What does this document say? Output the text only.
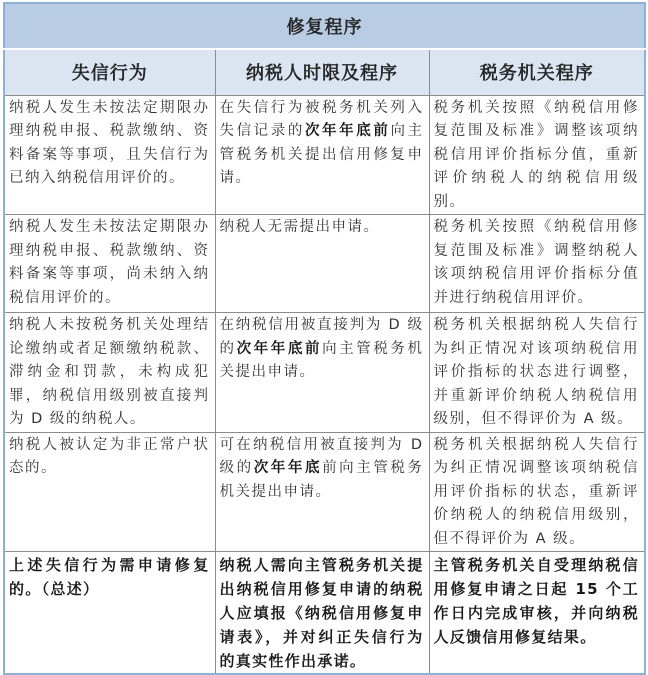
修复程序		
失信行为	纳税人时限及程序	税务机关程序
纳税人发生未按法定期限办理纳税申报、税款缴纳、资料备案等事项，且失信行为已纳入纳税信用评价的。	在失信行为被税务机关列入失信记录的次年年底前向主管税务机关提出信用修复申请。	税务机关按照《纳税信用修复范围及标准》调整该项纳税信用评价指标分值，重新评价纳税人的纳税信用级别。
纳税人发生未按法定期限办理纳税申报、税款缴纳、资料备案等事项，尚未纳入纳税信用评价的。	纳税人无需提出申请。	税务机关按照《纳税信用修复范围及标准》调整纳税人该项纳税信用评价指标分值并进行纳税信用评价。
纳税人未按税务机关处理结论缴纳或者足额缴纳税款、滞纳金和罚款，未构成犯罪，纳税信用级别被直接判为 D 级的纳税人。	在纳税信用被直接判为 D 级的次年年底前向主管税务机关提出申请。	税务机关根据纳税人失信行为纠正情况对该项纳税信用评价指标的状态进行调整，并重新评价纳税人纳税信用级别，但不得评价为 A 级。
纳税人被认定为非正常户状态的。	可在纳税信用被直接判为 D 级的次年年底前向主管税务机关提出申请。	税务机关根据纳税人失信行为纠正情况调整该项纳税信用评价指标的状态，重新评价纳税人的纳税信用级别，但不得评价为 A 级。
上述失信行为需申请修复的。（总述）	纳税人需向主管税务机关提出纳税信用修复申请的纳税人应填报《纳税信用修复申请表》，并对纠正失信行为的真实性作出承诺。	主管税务机关自受理纳税信用修复申请之日起 15 个工作日内完成审核，并向纳税人反馈信用修复结果。
